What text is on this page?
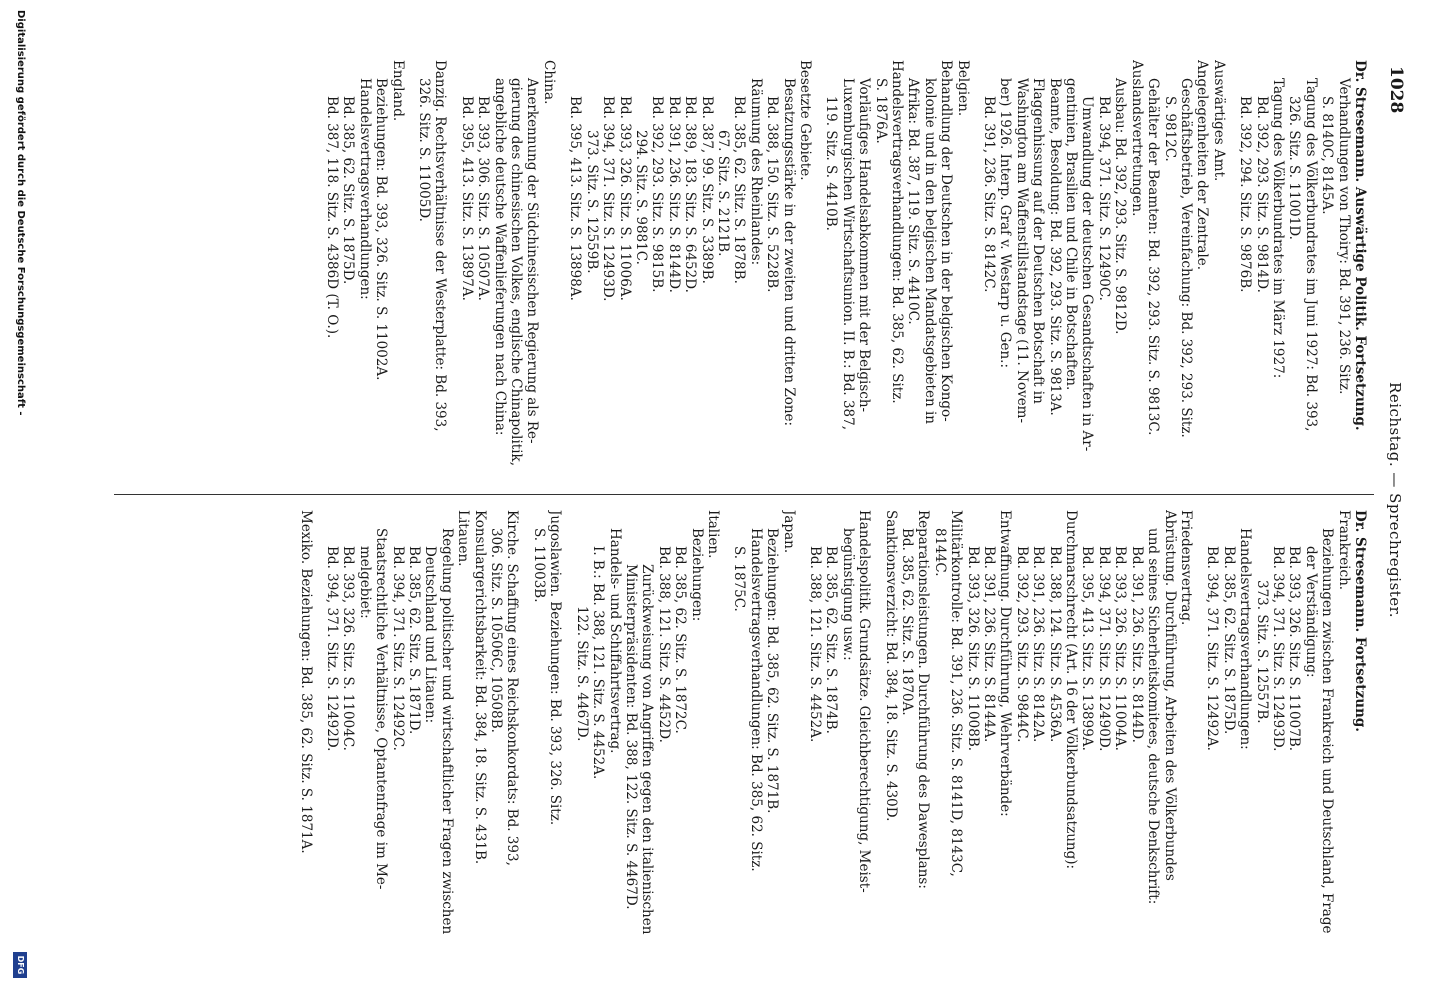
1028
Reichstag. — Sprechregister.
Dr. Stresemann. Auswärtige Politik. Fortsetzung.
Verhandlungen von Thoiry: Bd. 391, 236. Sitz.
S. 8140C, 8145A.
Tagung des Völkerbundrates im Juni 1927: Bd. 393,
326. Sitz. S. 11001D.
Tagung des Völkerbundrates im März 1927:
Bd. 392, 293. Sitz. S. 9814D.
Bd. 392, 294. Sitz. S. 9876B.
Auswärtiges Amt.
Angelegenheiten der Zentrale.
Geschäftsbetrieb, Vereinfachung: Bd. 392, 293. Sitz.
S. 9812C.
Gehälter der Beamten: Bd. 392, 293. Sitz. S. 9813C.
Auslandsvertretungen.
Ausbau: Bd. 392, 293. Sitz. S. 9812D.
Bd. 394, 371. Sitz. S. 12490C.
Umwandlung der deutschen Gesandtschaften in Ar-
gentinien, Brasilien und Chile in Botschaften.
Beamte, Besoldung: Bd. 392, 293. Sitz. S. 9813A.
Flaggenhissung auf der Deutschen Botschaft in
Washington am Waffenstillstandstage (11. Novem-
ber) 1926. Interp. Graf v. Westarp u. Gen.:
Bd. 391, 236. Sitz. S. 8142C.
Belgien.
Behandlung der Deutschen in der belgischen Kongo-
kolonie und in den belgischen Mandatsgebieten in
Afrika: Bd. 387, 119. Sitz. S. 4410C.
Handelsvertragsverhandlungen: Bd. 385, 62. Sitz.
S. 1876A.
Vorläufiges Handelsabkommen mit der Belgisch-
Luxemburgischen Wirtschaftsunion. II. B.: Bd. 387,
119. Sitz. S. 4410B.
Besetzte Gebiete.
Besatzungsstärke in der zweiten und dritten Zone:
Bd. 388, 150. Sitz. S. 5228B.
Räumung des Rheinlandes:
Bd. 385, 62. Sitz. S. 1878B.
67. Sitz. S. 2121B.
Bd. 387, 99. Sitz. S. 3389B.
Bd. 389, 183. Sitz. S. 6452D.
Bd. 391, 236. Sitz. S. 8144D.
Bd. 392, 293. Sitz. S. 9815B.
294. Sitz. S. 9881C.
Bd. 393, 326. Sitz. S. 11006A.
Bd. 394, 371. Sitz. S. 12493D.
373. Sitz. S. 12559B.
Bd. 395, 413. Sitz. S. 13898A.
China.
Anerkennung der Südchinesischen Regierung als Re-
gierung des chinesischen Volkes, englische Chinapolitik,
angebliche deutsche Waffenlieferungen nach China:
Bd. 393, 306. Sitz. S. 10507A.
Bd. 395, 413. Sitz. S. 13897A.
Danzig. Rechtsverhältnisse der Westerplatte: Bd. 393,
326. Sitz. S. 11005D.
England.
Beziehungen: Bd. 393, 326. Sitz. S. 11002A.
Handelsvertragsverhandlungen:
Bd. 385, 62. Sitz. S. 1875D.
Bd. 387, 118. Sitz. S. 4386D (T. O.).
Dr. Stresemann. Fortsetzung.
Frankreich.
Beziehungen zwischen Frankreich und Deutschland, Frage
der Verständigung:
Bd. 393, 326. Sitz. S. 11007B.
Bd. 394, 371. Sitz. S. 12493D.
373. Sitz. S. 12557B.
Handelsvertragsverhandlungen:
Bd. 385, 62. Sitz. S. 1875D.
Bd. 394, 371. Sitz. S. 12492A.
Friedensvertrag.
Abrüstung. Durchführung, Arbeiten des Völkerbundes
und seines Sicherheitskomitees, deutsche Denkschrift:
Bd. 391, 236. Sitz. S. 8144D.
Bd. 393, 326. Sitz. S. 11004A.
Bd. 394, 371. Sitz. S. 12490D.
Bd. 395, 413. Sitz. S. 13899A.
Durchmarschrecht (Art. 16 der Völkerbundsatzung):
Bd. 388, 124. Sitz. S. 4536A.
Bd. 391, 236. Sitz. S. 8142A.
Bd. 392, 293. Sitz. S. 9844C.
Entwaffnung. Durchführung, Wehrverbände:
Bd. 391, 236. Sitz. S. 8144A.
Bd. 393, 326. Sitz. S. 11008B.
Militärkontrolle: Bd. 391, 236. Sitz. S. 8141D, 8143C,
8144C.
Reparationsleistungen. Durchführung des Dawesplans:
Bd. 385, 62. Sitz. S. 1870A.
Sanktionsverzicht: Bd. 384, 18. Sitz. S. 430D.
Handelspolitik. Grundsätze. Gleichberechtigung, Meist-
begünstigung usw.:
Bd. 385, 62. Sitz. S. 1874B.
Bd. 388, 121. Sitz. S. 4452A.
Japan.
Beziehungen: Bd. 385, 62. Sitz. S. 1871B.
Handelsvertragsverhandlungen: Bd. 385, 62. Sitz.
S. 1875C.
Italien.
Beziehungen:
Bd. 385, 62. Sitz. S. 1872C.
Bd. 388, 121. Sitz. S. 4452D.
Zurückweisung von Angriffen gegen den italienischen
Ministerpräsidenten: Bd. 388, 122. Sitz. S. 4467D.
Handels- und Schiffahrtsvertrag.
I. B.: Bd. 388, 121. Sitz. S. 4452A.
122. Sitz. S. 4467D.
Jugoslawien. Beziehungen: Bd. 393, 326. Sitz.
S. 11003B.
Kirche. Schaffung eines Reichskonkordats: Bd. 393,
306. Sitz. S. 10506C, 10508B.
Konsulargerichtsbarkeit: Bd. 384, 18. Sitz. S. 431B.
Litauen.
Regelung politischer und wirtschaftlicher Fragen zwischen
Deutschland und Litauen:
Bd. 385, 62. Sitz. S. 1871D.
Bd. 394, 371. Sitz. S. 12492C.
Staatsrechtliche Verhältnisse, Optantenfrage im Me-
melgebiet:
Bd. 393, 326. Sitz. S. 11004C.
Bd. 394, 371. Sitz. S. 12492D.
Mexiko. Beziehungen: Bd. 385, 62. Sitz. S. 1871A.
Digitalisierung gefördert durch die Deutsche Forschungsgemeinschaft -
DFG
